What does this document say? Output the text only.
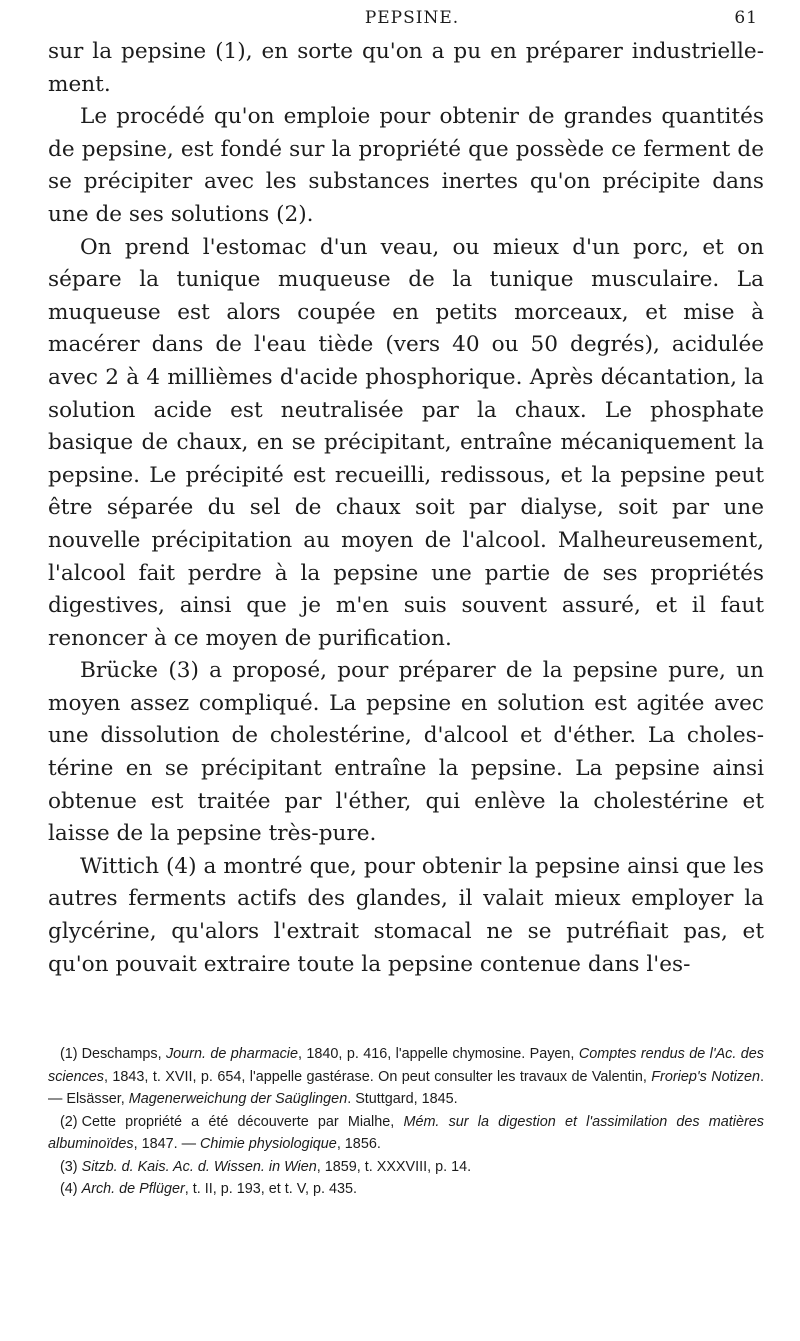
PEPSINE.	61

sur la pepsine (1), en sorte qu'on a pu en préparer industriellement.

Le procédé qu'on emploie pour obtenir de grandes quantités de pepsine, est fondé sur la propriété que possède ce ferment de se précipiter avec les substances inertes qu'on précipite dans une de ses solutions (2).

On prend l'estomac d'un veau, ou mieux d'un porc, et on sépare la tunique muqueuse de la tunique musculaire. La muqueuse est alors coupée en petits morceaux, et mise à macérer dans de l'eau tiède (vers 40 ou 50 degrés), acidulée avec 2 à 4 millièmes d'acide phosphorique. Après décantation, la solution acide est neutralisée par la chaux. Le phosphate basique de chaux, en se précipitant, entraîne mécaniquement la pepsine. Le précipité est recueilli, redissous, et la pepsine peut être séparée du sel de chaux soit par dialyse, soit par une nouvelle précipitation au moyen de l'alcool. Malheureusement, l'alcool fait perdre à la pepsine une partie de ses propriétés digestives, ainsi que je m'en suis souvent assuré, et il faut renoncer à ce moyen de purification.

Brücke (3) a proposé, pour préparer de la pepsine pure, un moyen assez compliqué. La pepsine en solution est agitée avec une dissolution de cholestérine, d'alcool et d'éther. La cholestérine en se précipitant entraîne la pepsine. La pepsine ainsi obtenue est traitée par l'éther, qui enlève la cholestérine et laisse de la pepsine très-pure.

Wittich (4) a montré que, pour obtenir la pepsine ainsi que les autres ferments actifs des glandes, il valait mieux employer la glycérine, qu'alors l'extrait stomacal ne se putréfiait pas, et qu'on pouvait extraire toute la pepsine contenue dans l'es-

(1) Deschamps, Journ. de pharmacie, 1840, p. 416, l'appelle chymosine. Payen, Comptes rendus de l'Ac. des sciences, 1843, t. XVII, p. 654, l'appelle gastérase. On peut consulter les travaux de Valentin, Froriep's Notizen. — Elsässer, Magenerweichung der Saüglingen. Stuttgard, 1845.

(2) Cette propriété a été découverte par Mialhe, Mém. sur la digestion et l'assimilation des matières albuminoïdes, 1847. — Chimie physiologique, 1856.

(3) Sitzb. d. Kais. Ac. d. Wissen. in Wien, 1859, t. XXXVIII, p. 14.

(4) Arch. de Pflüger, t. II, p. 193, et t. V, p. 435.
